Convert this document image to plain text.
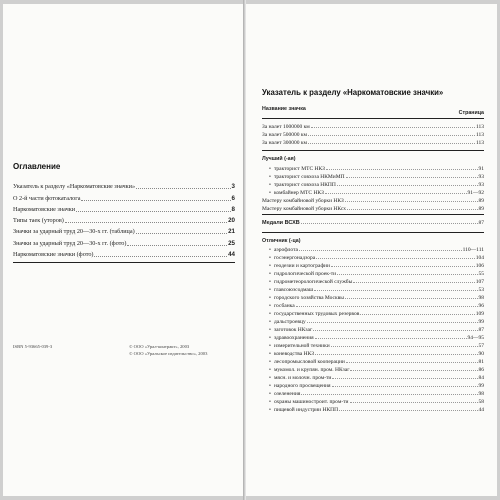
Оглавление
Указатель к разделу «Наркоматовские значки»	3
О 2-й части фотокаталога	6
Наркоматовские значки	8
Типы таек (уторов)	20
Значки за ударный труд 20—30-х гг. (таблица)	21
Значки за ударный труд 20—30-х гг. (фото)	25
Наркоматовские значки (фото)	44
ISBN 5-93665-039-3	© ООО «Урал-контракт», 2003
© ООО «Уральское издательство», 2003
Указатель к разделу «Наркоматовские значки»
Название значка
Страница
За налет 1000000 км	113
За налет 500000 км	113
За налет 300000 км	113
Лучший (-ая)
• тракторист МТС НКЗ	91
• тракторист совхоза НКМиМП	93
• тракторист совхоза НКПП	93
• комбайнер МТС НКЗ	91—92
Мастеру комбайновой уборки НКЗ	89
Мастеру комбайновой уборки НКсх	89
Медали ВСХВ	87
Отличник (-ца)
• аэрофлота	110—111
• госэнергонадзора	104
• геодезии и картографии	106
• гидрологической проек-ти	55
• гидрометеорологической службы	107
• главсоюзсодмаш	53
• городского хозяйства Москвы	98
• госбанка	96
• государственных трудовых резервов	109
• дальстроевцу	99
• заготовок НКзаг	87
• здравоохранения	94—95
• измерительной техники	57
• коневодства НКЗ	90
• лесопромысловой кооперации	81
• мукомол. и крупян. пром. НКзаг	86
• мясн. и молочн. пром-ти	84
• народного просвещения	99
• озеленения	98
• охраны машиностроит. пром-ти	58
• пищевой индустрии НКПП	44
